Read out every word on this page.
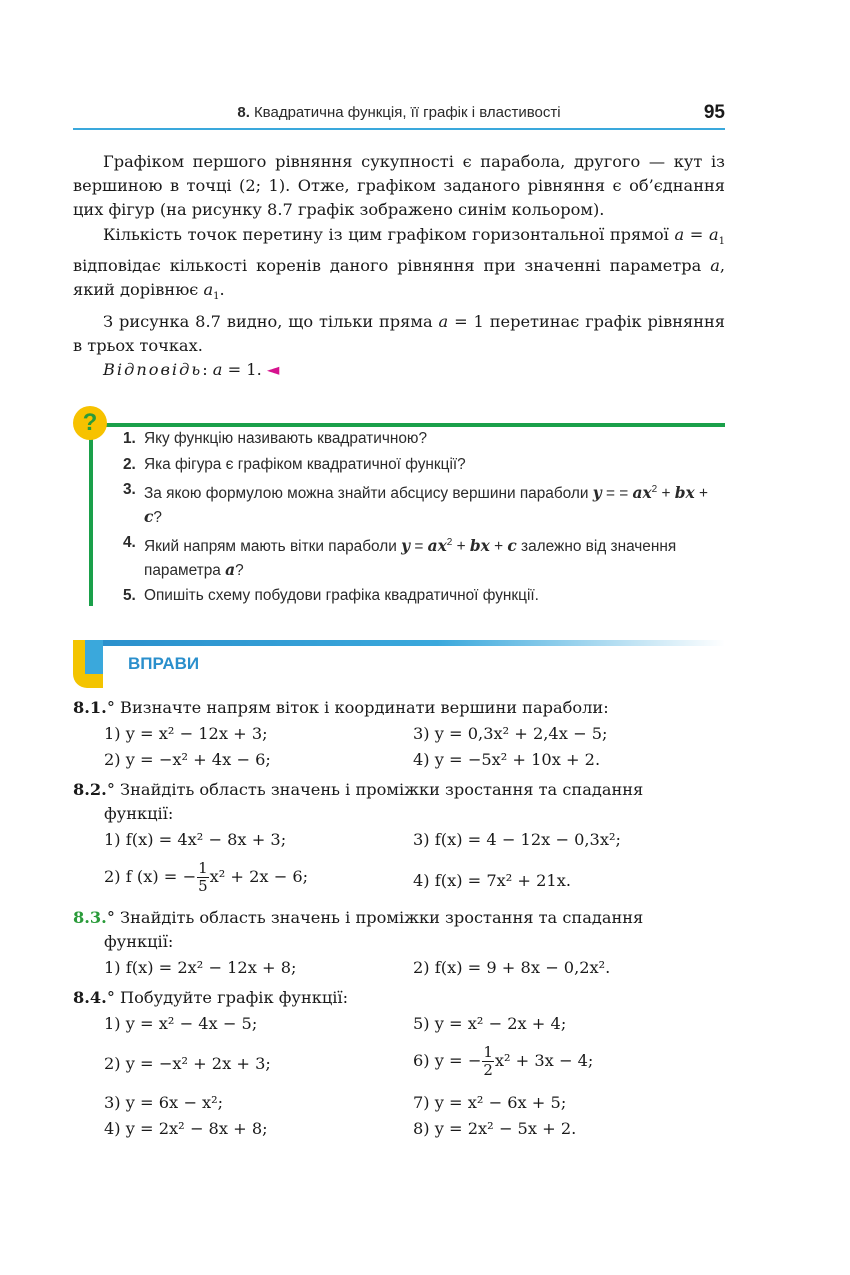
8. Квадратична функція, її графік і властивості	95

Графіком першого рівняння сукупності є парабола, другого — кут із вершиною в точці (2; 1). Отже, графіком заданого рівняння є об’єднання цих фігур (на рисунку 8.7 графік зображено синім кольором).

Кількість точок перетину із цим графіком горизонтальної прямої $a = a_1$ відповідає кількості коренів даного рівняння при значенні параметра a, який дорівнює $a_1$.

З рисунка 8.7 видно, що тільки пряма a = 1 перетинає графік рівняння в трьох точках.

Відповідь: a = 1. ◄

?
1. Яку функцію називають квадратичною?
2. Яка фігура є графіком квадратичної функції?
3. За якою формулою можна знайти абсцису вершини параболи y = = $ax^2$ + bx + c?
4. Який напрям мають вітки параболи $y = ax^2$ + bx + c залежно від значення параметра a?
5. Опишіть схему побудови графіка квадратичної функції.
ВПРАВИ
8.1.° Визначте напрям віток і координати вершини параболи:
1) y = x² − 12x + 3;	3) y = 0,3x² + 2,4x − 5;
2) y = −x² + 4x − 6;	4) y = −5x² + 10x + 2.
8.2.° Знайдіть область значень і проміжки зростання та спадання
функції:
1) f(x) = 4x² − 8x + 3;	3) f(x) = 4 − 12x − 0,3x²;
2) f (x) = − $\frac{1}{5} x^2 + 2x - 6$;	4) f(x) = 7x² + 21x.
8.3.° Знайдіть область значень і проміжки зростання та спадання
функції:
1) f(x) = 2x² − 12x + 8;	2) f(x) = 9 + 8x − 0,2x².
8.4.° Побудуйте графік функції:
1) y = x² − 4x − 5;	5) y = x² − 2x + 4;
2) y = −x² + 2x + 3;	6) y = − $\frac{1}{2} x^2 + 3x - 4$;
3) y = 6x − x²;	7) y = x² − 6x + 5;
4) y = 2x² − 8x + 8;	8) y = 2x² − 5x + 2.
